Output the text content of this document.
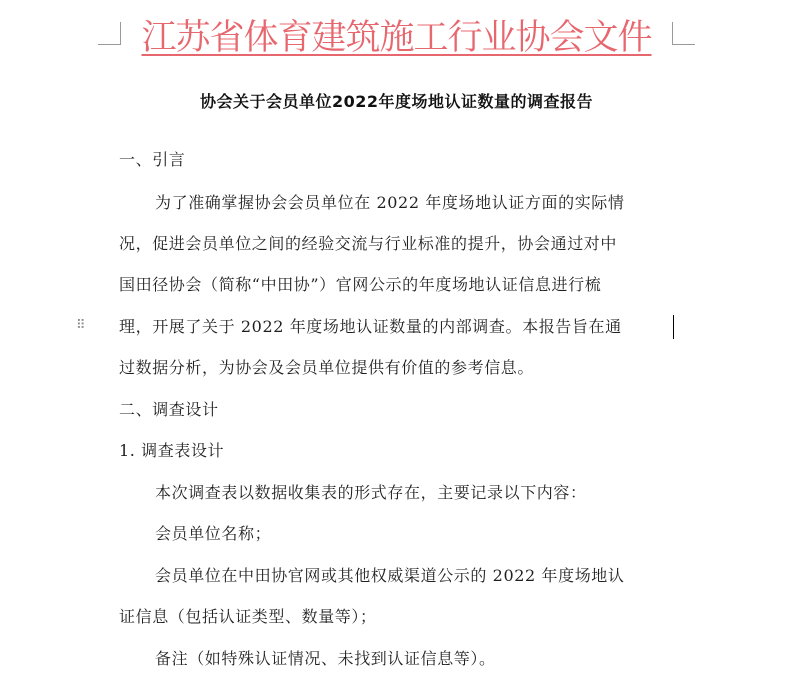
江苏省体育建筑施工行业协会文件
协会关于会员单位2022年度场地认证数量的调查报告
一、引言
为了准确掌握协会会员单位在 2022 年度场地认证方面的实际情
况，促进会员单位之间的经验交流与行业标准的提升，协会通过对中
国田径协会（简称“中田协”）官网公示的年度场地认证信息进行梳
理，开展了关于 2022 年度场地认证数量的内部调查。本报告旨在通
过数据分析，为协会及会员单位提供有价值的参考信息。
二、调查设计
1. 调查表设计
本次调查表以数据收集表的形式存在，主要记录以下内容：
会员单位名称；
会员单位在中田协官网或其他权威渠道公示的 2022 年度场地认
证信息（包括认证类型、数量等）；
备注（如特殊认证情况、未找到认证信息等）。
⠿
